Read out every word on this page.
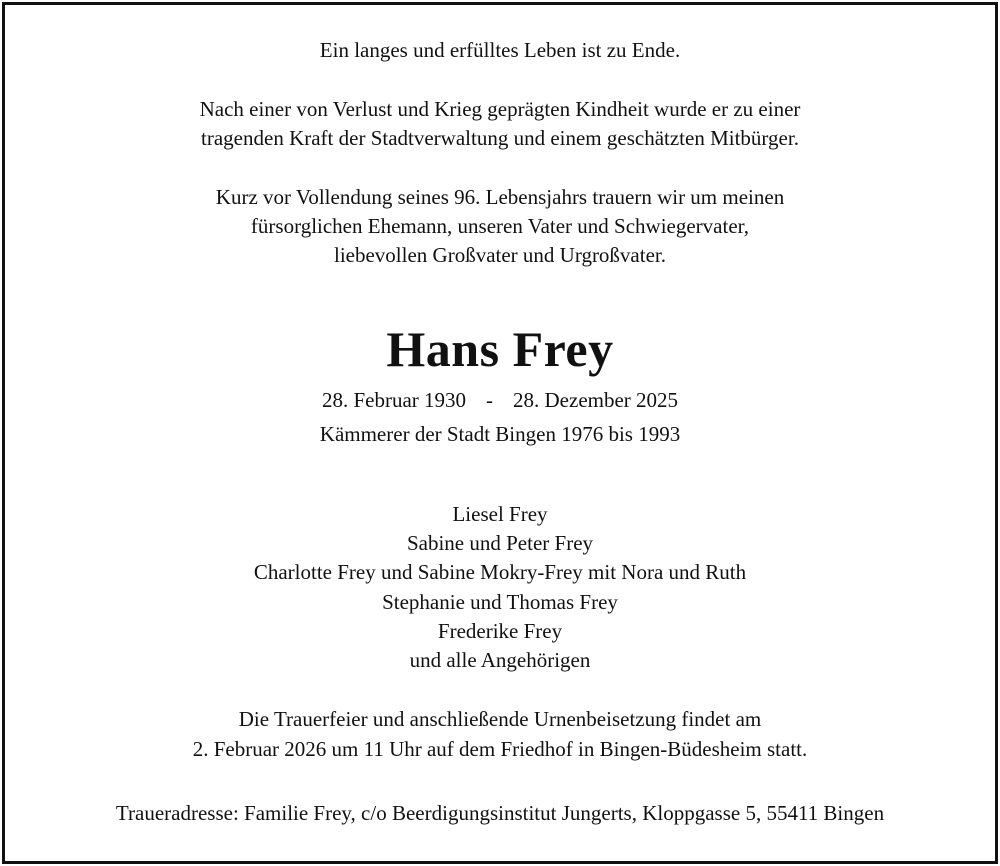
Ein langes und erfülltes Leben ist zu Ende.
Nach einer von Verlust und Krieg geprägten Kindheit wurde er zu einer
tragenden Kraft der Stadtverwaltung und einem geschätzten Mitbürger.
Kurz vor Vollendung seines 96. Lebensjahrs trauern wir um meinen
fürsorglichen Ehemann, unseren Vater und Schwiegervater,
liebevollen Großvater und Urgroßvater.
Hans Frey
28. Februar 1930 - 28. Dezember 2025
Kämmerer der Stadt Bingen 1976 bis 1993
Liesel Frey
Sabine und Peter Frey
Charlotte Frey und Sabine Mokry-Frey mit Nora und Ruth
Stephanie und Thomas Frey
Frederike Frey
und alle Angehörigen
Die Trauerfeier und anschließende Urnenbeisetzung findet am
2. Februar 2026 um 11 Uhr auf dem Friedhof in Bingen-Büdesheim statt.
Traueradresse: Familie Frey, c/o Beerdigungsinstitut Jungerts, Kloppgasse 5, 55411 Bingen
